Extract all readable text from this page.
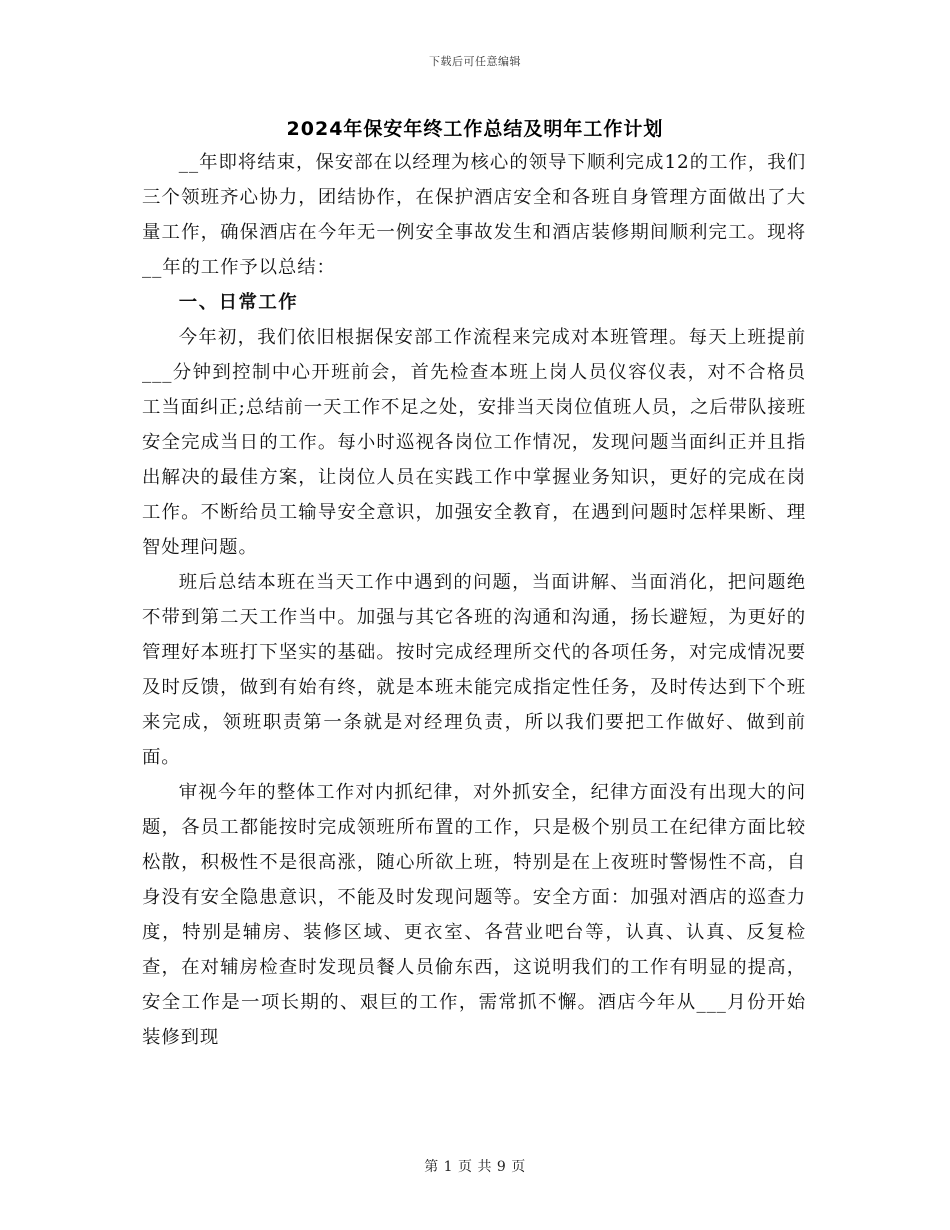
下载后可任意编辑
2024年保安年终工作总结及明年工作计划

__年即将结束，保安部在以经理为核心的领导下顺利完成12的工作，我们三个领班齐心协力，团结协作，在保护酒店安全和各班自身管理方面做出了大量工作，确保酒店在今年无一例安全事故发生和酒店装修期间顺利完工。现将__年的工作予以总结：

一、日常工作

今年初，我们依旧根据保安部工作流程来完成对本班管理。每天上班提前___分钟到控制中心开班前会，首先检查本班上岗人员仪容仪表，对不合格员工当面纠正;总结前一天工作不足之处，安排当天岗位值班人员，之后带队接班安全完成当日的工作。每小时巡视各岗位工作情况，发现问题当面纠正并且指出解决的最佳方案，让岗位人员在实践工作中掌握业务知识，更好的完成在岗工作。不断给员工输导安全意识，加强安全教育，在遇到问题时怎样果断、理智处理问题。

班后总结本班在当天工作中遇到的问题，当面讲解、当面消化，把问题绝不带到第二天工作当中。加强与其它各班的沟通和沟通，扬长避短，为更好的管理好本班打下坚实的基础。按时完成经理所交代的各项任务，对完成情况要及时反馈，做到有始有终，就是本班未能完成指定性任务，及时传达到下个班来完成，领班职责第一条就是对经理负责，所以我们要把工作做好、做到前面。

审视今年的整体工作对内抓纪律，对外抓安全，纪律方面没有出现大的问题，各员工都能按时完成领班所布置的工作，只是极个别员工在纪律方面比较松散，积极性不是很高涨，随心所欲上班，特别是在上夜班时警惕性不高，自身没有安全隐患意识，不能及时发现问题等。安全方面：加强对酒店的巡查力度，特别是辅房、装修区域、更衣室、各营业吧台等，认真、认真、反复检查，在对辅房检查时发现员餐人员偷东西，这说明我们的工作有明显的提高，安全工作是一项长期的、艰巨的工作，需常抓不懈。酒店今年从___月份开始装修到现

第 1 页 共 9 页
